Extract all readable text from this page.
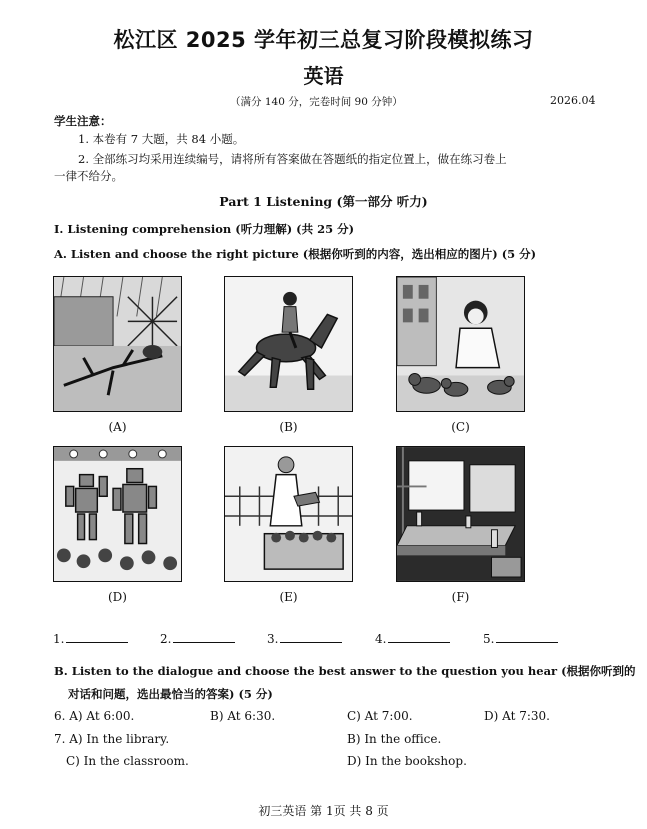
松江区 2025 学年初三总复习阶段模拟练习
英语
（满分 140 分，完卷时间 90 分钟）	2026.04
学生注意：
1. 本卷有 7 大题，共 84 小题。
2. 全部练习均采用连续编号，请将所有答案做在答题纸的指定位置上，做在练习卷上
一律不给分。
Part 1 Listening (第一部分 听力)
I. Listening comprehension (听力理解) (共 25 分)
A. Listen and choose the right picture (根据你听到的内容，选出相应的图片) (5 分)
(A)	(B)	(C)
(D)	(E)	(F)
1.	2.	3.	4.	5.
B. Listen to the dialogue and choose the best answer to the question you hear (根据你听到的
对话和问题，选出最恰当的答案) (5 分)
6. A) At 6:00.	B) At 6:30.	C) At 7:00.	D) At 7:30.
7. A) In the library.	B) In the office.
C) In the classroom.	D) In the bookshop.
初三英语 第 1页 共 8 页
